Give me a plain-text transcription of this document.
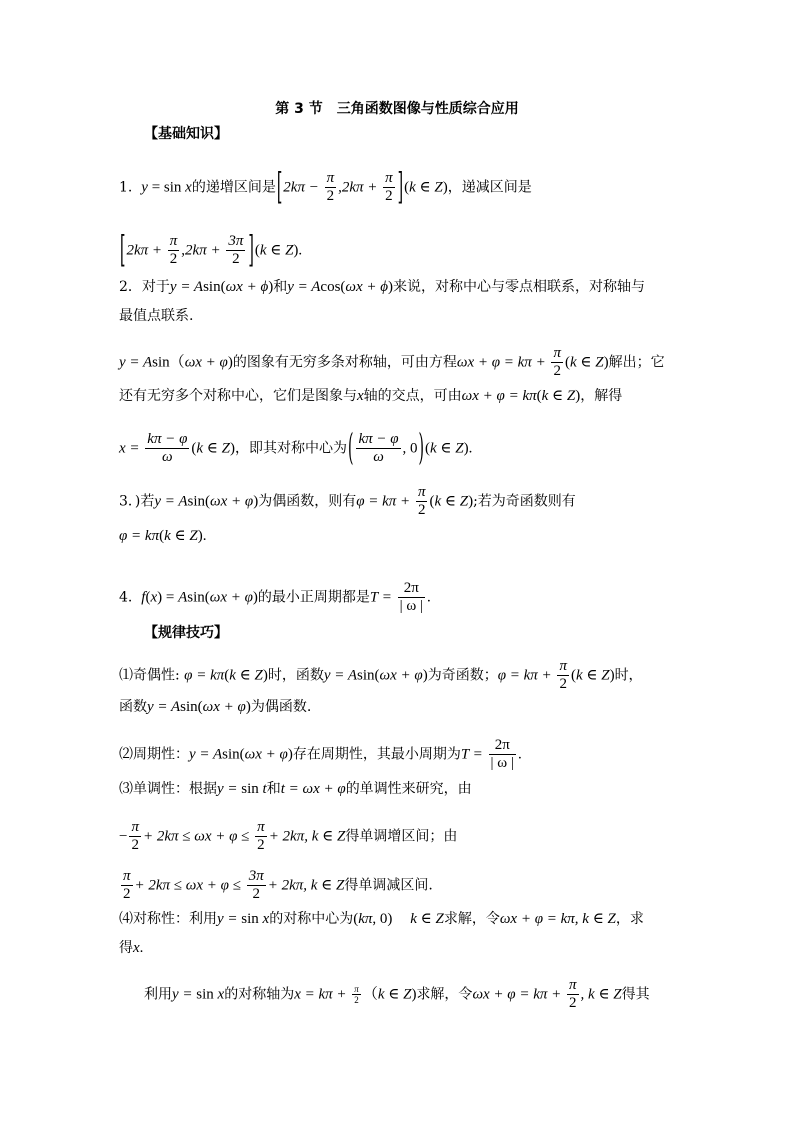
第 3 节　三角函数图像与性质综合应用
【基础知识】
1. y = sin x的递增区间是$[2k\pi - \frac{\pi}{2} ,2k\pi + \frac{\pi}{2} ](k$ ∈ Z)，递减区间是
$[2k\pi + \frac{\pi}{2} ,2k\pi + \frac{3\pi}{2} ](k$ ∈ Z).
2．对于y = Asin(ωx + ϕ)和y = Acos(ωx + ϕ)来说，对称中心与零点相联系，对称轴与
最值点联系.
y = Asin（ωx + φ)的图象有无穷多条对称轴，可由方程$\omega x + \varphi = k\pi + \frac{\pi}{2} (k$ ∈ Z)解出；它
还有无穷多个对称中心，它们是图象与x轴的交点，可由ωx + φ = kπ(k ∈ Z)，解得
$x = \frac{k\pi - \varphi}{\omega} (k$ ∈ Z)，即其对称中心为( $\frac{k\pi - \varphi}{\omega}$ , 0)(k ∈ Z).
3．)若y = Asin(ωx + φ)为偶函数，则有$\varphi = k\pi + \frac{\pi}{2} (k$ ∈ Z);若为奇函数则有
φ = kπ(k ∈ Z).
4. f(x) = Asin(ωx + φ)的最小正周期都是$T = \frac{2\pi}{| \omega |}$ .
【规律技巧】
⑴奇偶性: φ = kπ(k ∈ Z)时，函数y = Asin(ωx + φ)为奇函数；$\varphi = k\pi + \frac{\pi}{2} (k$ ∈ Z)时，
函数y = Asin(ωx + φ)为偶函数.
⑵周期性：y = Asin(ωx + φ)存在周期性，其最小周期为$T = \frac{2\pi}{| \omega |}$ .
⑶单调性：根据y = sin t和t = ωx + φ的单调性来研究，由
− $\frac{\pi}{2} + 2k\pi \le \omega x + \varphi \le \frac{\pi}{2} + 2k\pi$, k ∈ Z得单调增区间；由
$\frac{\pi}{2} + 2k\pi \le \omega x + \varphi \le \frac{3\pi}{2} + 2k\pi$, k ∈ Z得单调减区间.
⑷对称性：利用y = sin x的对称中心为(kπ, 0) k ∈ Z求解，令ωx + φ = kπ, k ∈ Z，求
得x.
利用y = sin x的对称轴为$x = k\pi + \frac{\pi}{2} (k$ ∈ Z)求解，令$\omega x + \varphi = k\pi + \frac{\pi}{2}$ , k ∈ Z得其
